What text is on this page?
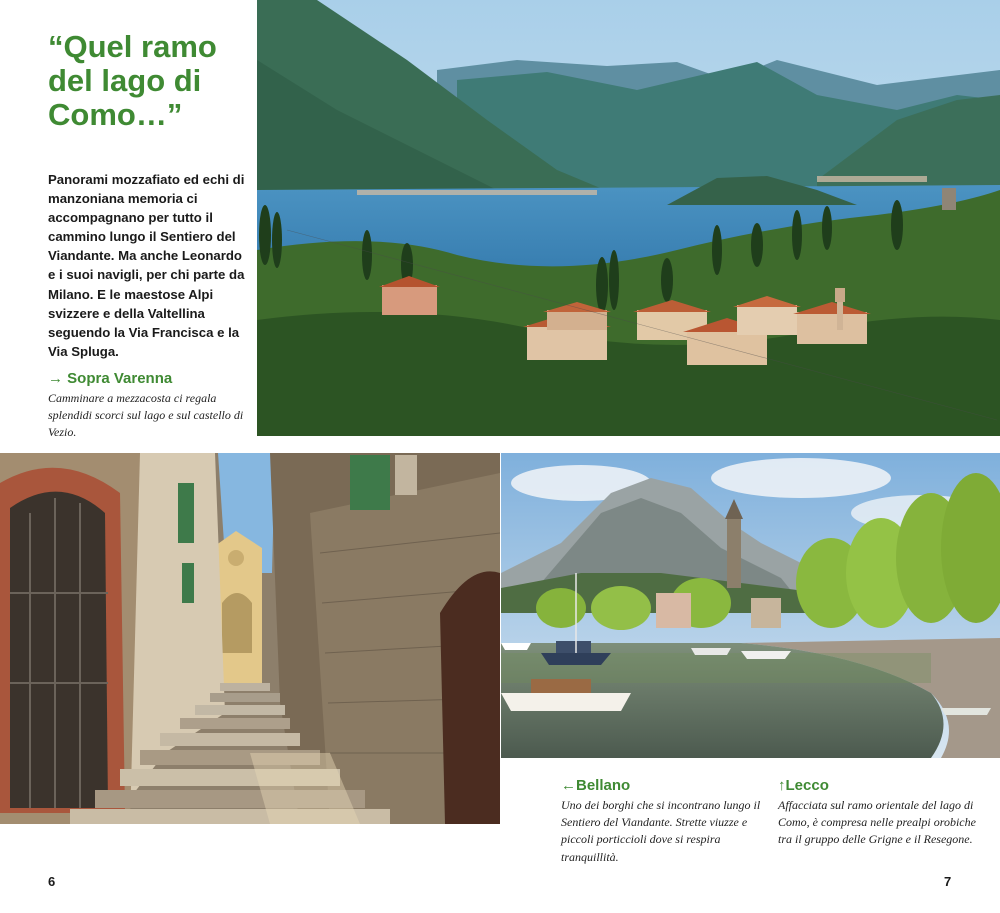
“Quel ramo del lago di Como…”

Panorami mozzafiato ed echi di manzoniana memoria ci accompagnano per tutto il cammino lungo il Sentiero del Viandante. Ma anche Leonardo e i suoi navigli, per chi parte da Milano. E le maestose Alpi svizzere e della Valtellina seguendo la Via Francisca e la Via Spluga.

→ Sopra Varenna

Camminare a mezzacosta ci regala splendidi scorci sul lago e sul castello di Vezio.

←Bellano

Uno dei borghi che si incontrano lungo il Sentiero del Viandante. Strette viuzze e piccoli porticcioli dove si respira tranquillità.

↑Lecco

Affacciata sul ramo orientale del lago di Como, è compresa nelle prealpi orobiche tra il gruppo delle Grigne e il Resegone.

6	7
